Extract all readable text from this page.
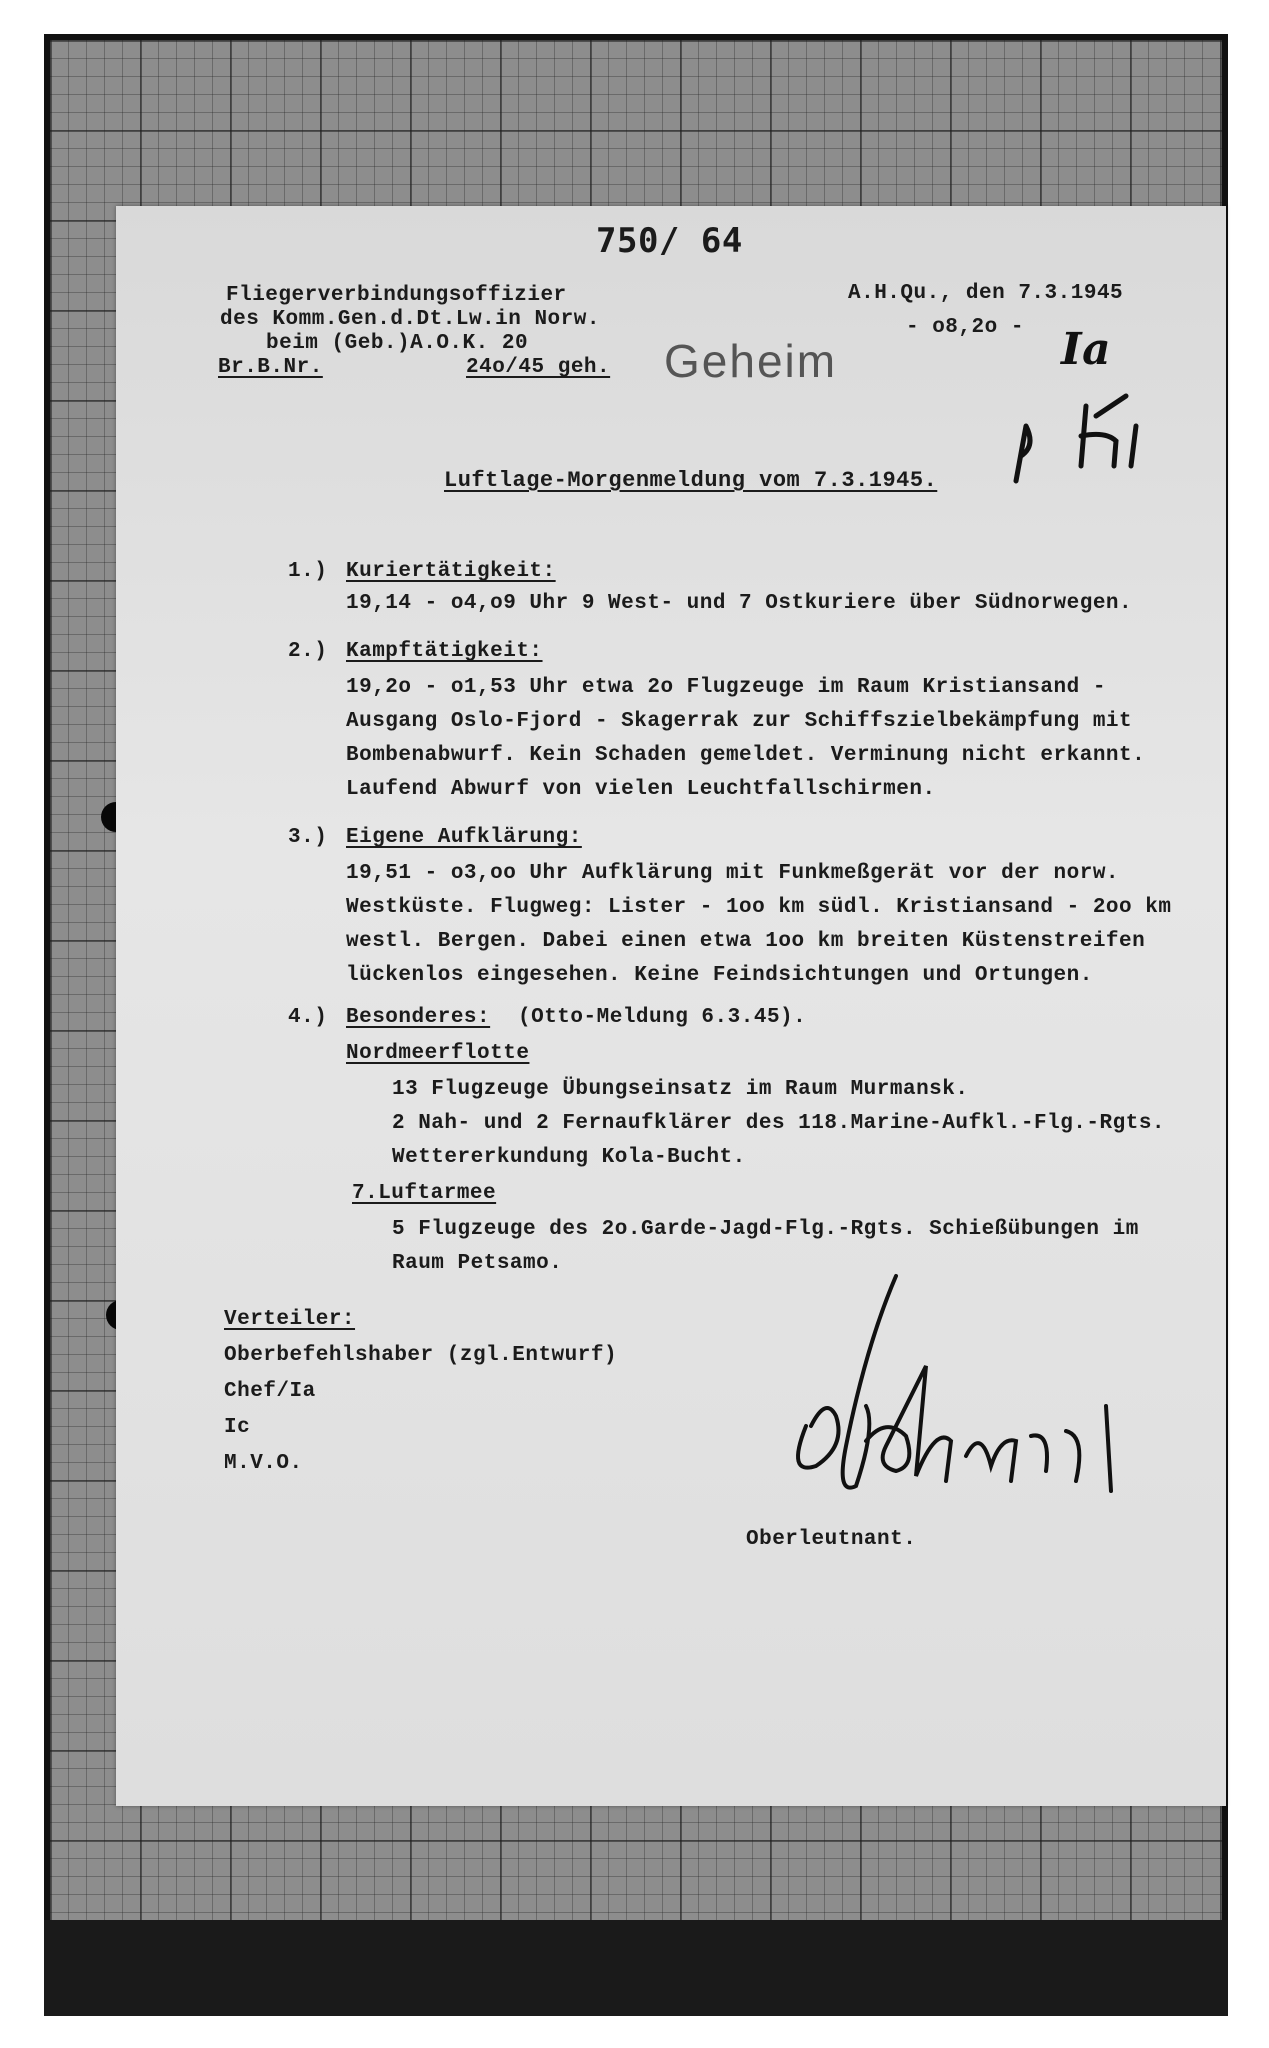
750/ 64
Fliegerverbindungsoffizier
des Komm.Gen.d.Dt.Lw.in Norw.
beim (Geb.)A.O.K. 20
Br.B.Nr.	24o/45 geh.
A.H.Qu., den 7.3.1945
- o8,2o -
Geheim	Ia
Luftlage-Morgenmeldung vom 7.3.1945.
1.) Kuriertätigkeit:
19,14 - o4,o9 Uhr 9 West- und 7 Ostkuriere über Südnorwegen.
2.) Kampftätigkeit:
19,2o - o1,53 Uhr etwa 2o Flugzeuge im Raum Kristiansand -
Ausgang Oslo-Fjord - Skagerrak zur Schiffszielbekämpfung mit
Bombenabwurf. Kein Schaden gemeldet. Verminung nicht erkannt.
Laufend Abwurf von vielen Leuchtfallschirmen.
3.) Eigene Aufklärung:
19,51 - o3,oo Uhr Aufklärung mit Funkmeßgerät vor der norw.
Westküste. Flugweg: Lister - 1oo km südl. Kristiansand - 2oo km
westl. Bergen. Dabei einen etwa 1oo km breiten Küstenstreifen
lückenlos eingesehen. Keine Feindsichtungen und Ortungen.
4.) Besonderes: (Otto-Meldung 6.3.45).
Nordmeerflotte
13 Flugzeuge Übungseinsatz im Raum Murmansk.
2 Nah- und 2 Fernaufklärer des 118.Marine-Aufkl.-Flg.-Rgts.
Wettererkundung Kola-Bucht.
7.Luftarmee
5 Flugzeuge des 2o.Garde-Jagd-Flg.-Rgts. Schießübungen im
Raum Petsamo.
Verteiler:
Oberbefehlshaber (zgl.Entwurf)
Chef/Ia
Ic
M.V.O.
Oberleutnant.
